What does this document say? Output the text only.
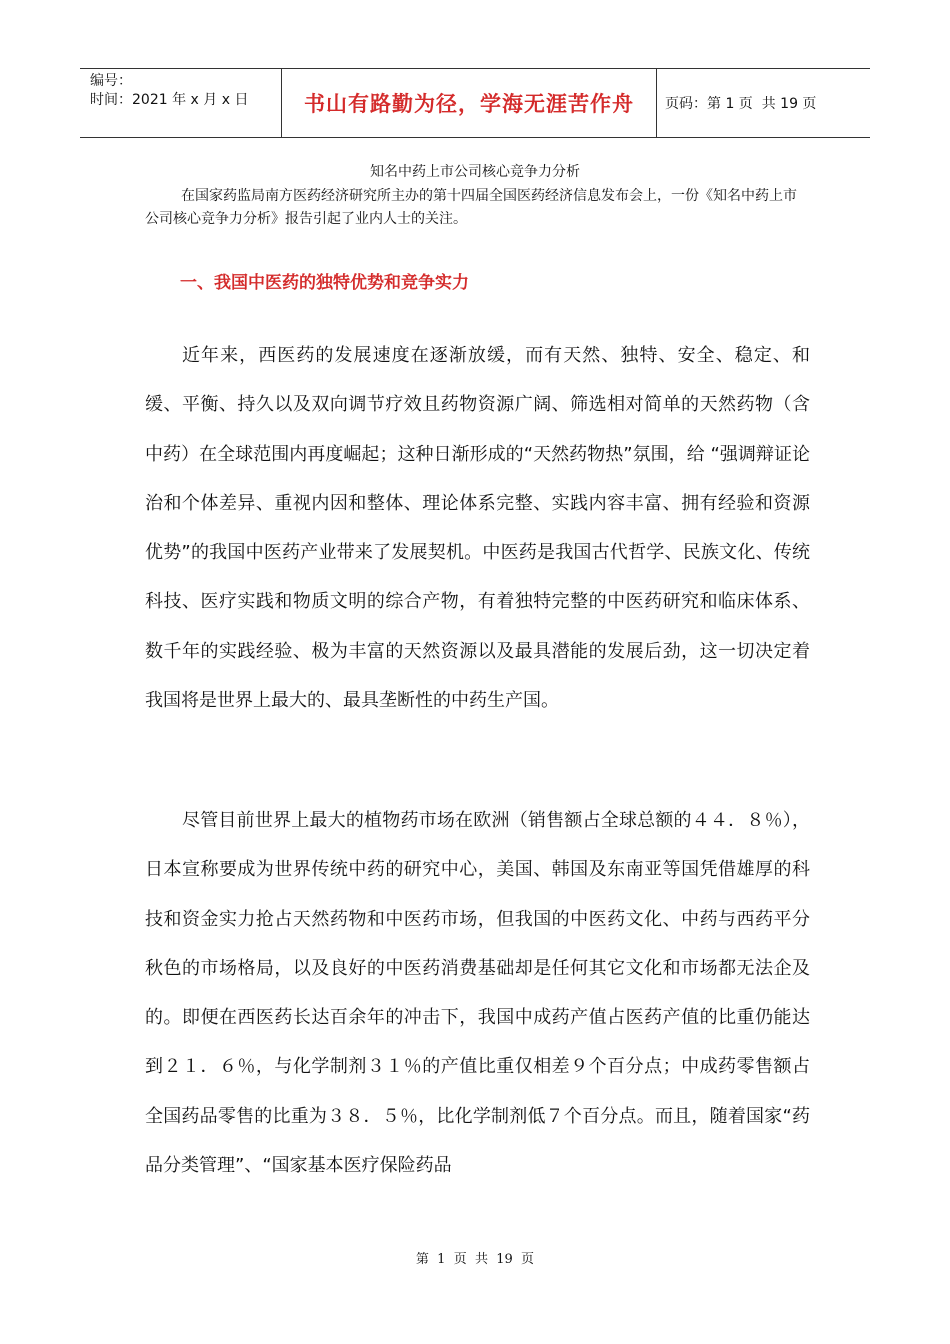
编号：
时间：2021 年 x 月 x 日	书山有路勤为径，学海无涯苦作舟 页码：第 1 页  共 19 页
知名中药上市公司核心竞争力分析

在国家药监局南方医药经济研究所主办的第十四届全国医药经济信息发布会上，一份《知名中药上市公司核心竞争力分析》报告引起了业内人士的关注。

一、我国中医药的独特优势和竞争实力

近年来，西医药的发展速度在逐渐放缓，而有天然、独特、安全、稳定、和缓、平衡、持久以及双向调节疗效且药物资源广阔、筛选相对简单的天然药物（含中药）在全球范围内再度崛起；这种日渐形成的“天然药物热”氛围，给 “强调辩证论治和个体差异、重视内因和整体、理论体系完整、实践内容丰富、拥有经验和资源优势”的我国中医药产业带来了发展契机。中医药是我国古代哲学、民族文化、传统科技、医疗实践和物质文明的综合产物，有着独特完整的中医药研究和临床体系、数千年的实践经验、极为丰富的天然资源以及最具潜能的发展后劲，这一切决定着我国将是世界上最大的、最具垄断性的中药生产国。

尽管目前世界上最大的植物药市场在欧洲（销售额占全球总额的４４．８％），日本宣称要成为世界传统中药的研究中心，美国、韩国及东南亚等国凭借雄厚的科技和资金实力抢占天然药物和中医药市场，但我国的中医药文化、中药与西药平分秋色的市场格局，以及良好的中医药消费基础却是任何其它文化和市场都无法企及的。即便在西医药长达百余年的冲击下，我国中成药产值占医药产值的比重仍能达到２１．６％，与化学制剂３１％的产值比重仅相差９个百分点；中成药零售额占全国药品零售的比重为３８．５％，比化学制剂低７个百分点。而且，随着国家“药品分类管理”、“国家基本医疗保险药品

第  1  页  共  19  页
